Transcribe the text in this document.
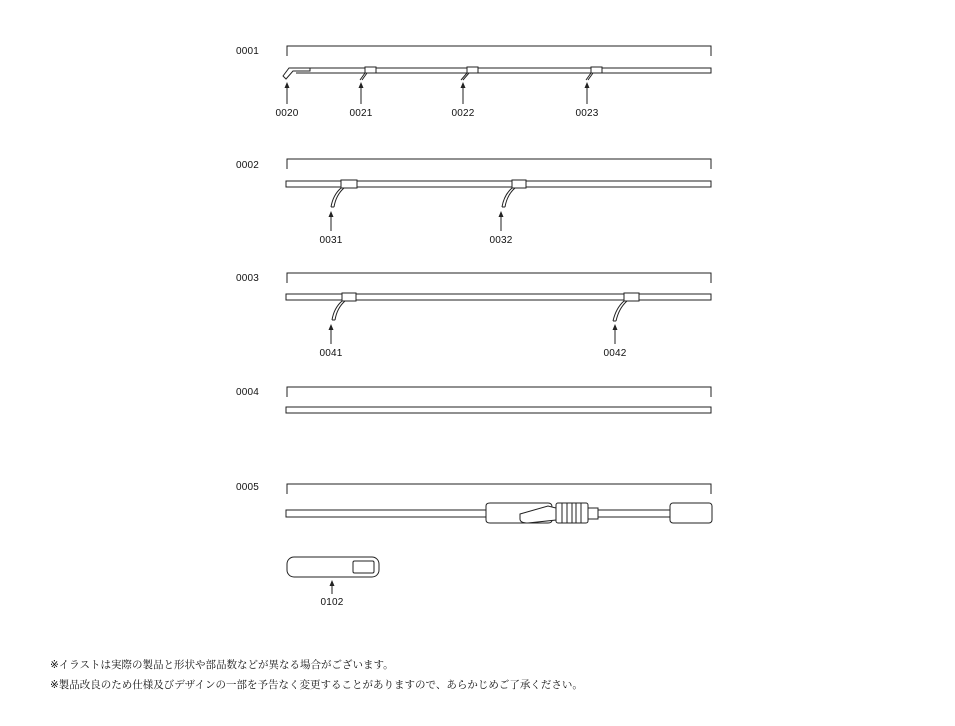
0001
0020	0021	0022	0023
0002
0031	0032
0003
0041	0042
0004
0005
0102
※イラストは実際の製品と形状や部品数などが異なる場合がございます。
※製品改良のため仕様及びデザインの一部を予告なく変更することがありますので、あらかじめご了承ください。
